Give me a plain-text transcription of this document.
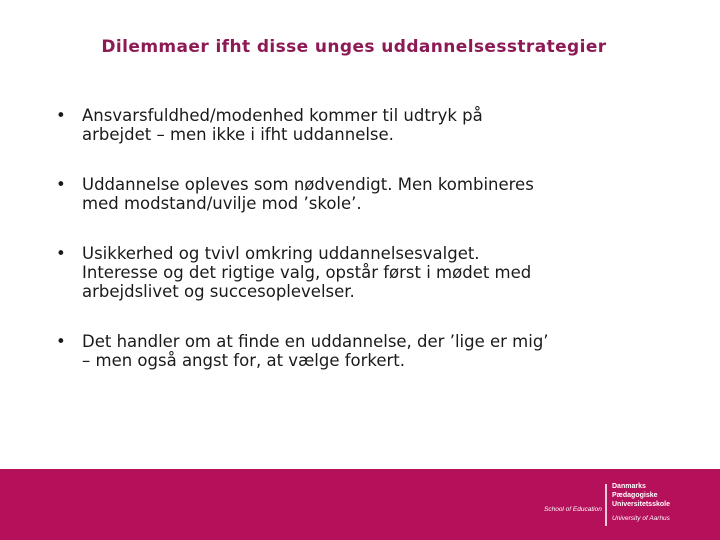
Dilemmaer ifht disse unges uddannelsesstrategier
• Ansvarsfuldhed/modenhed kommer til udtryk på
arbejdet – men ikke i ifht uddannelse.
• Uddannelse opleves som nødvendigt. Men kombineres
med modstand/uvilje mod ’skole’.
• Usikkerhed og tvivl omkring uddannelsesvalget.
Interesse og det rigtige valg, opstår først i mødet med
arbejdslivet og succesoplevelser.
• Det handler om at finde en uddannelse, der ’lige er mig’
– men også angst for, at vælge forkert.
School of Education
Danmarks
Pædagogiske
Universitetsskole
University of Aarhus
